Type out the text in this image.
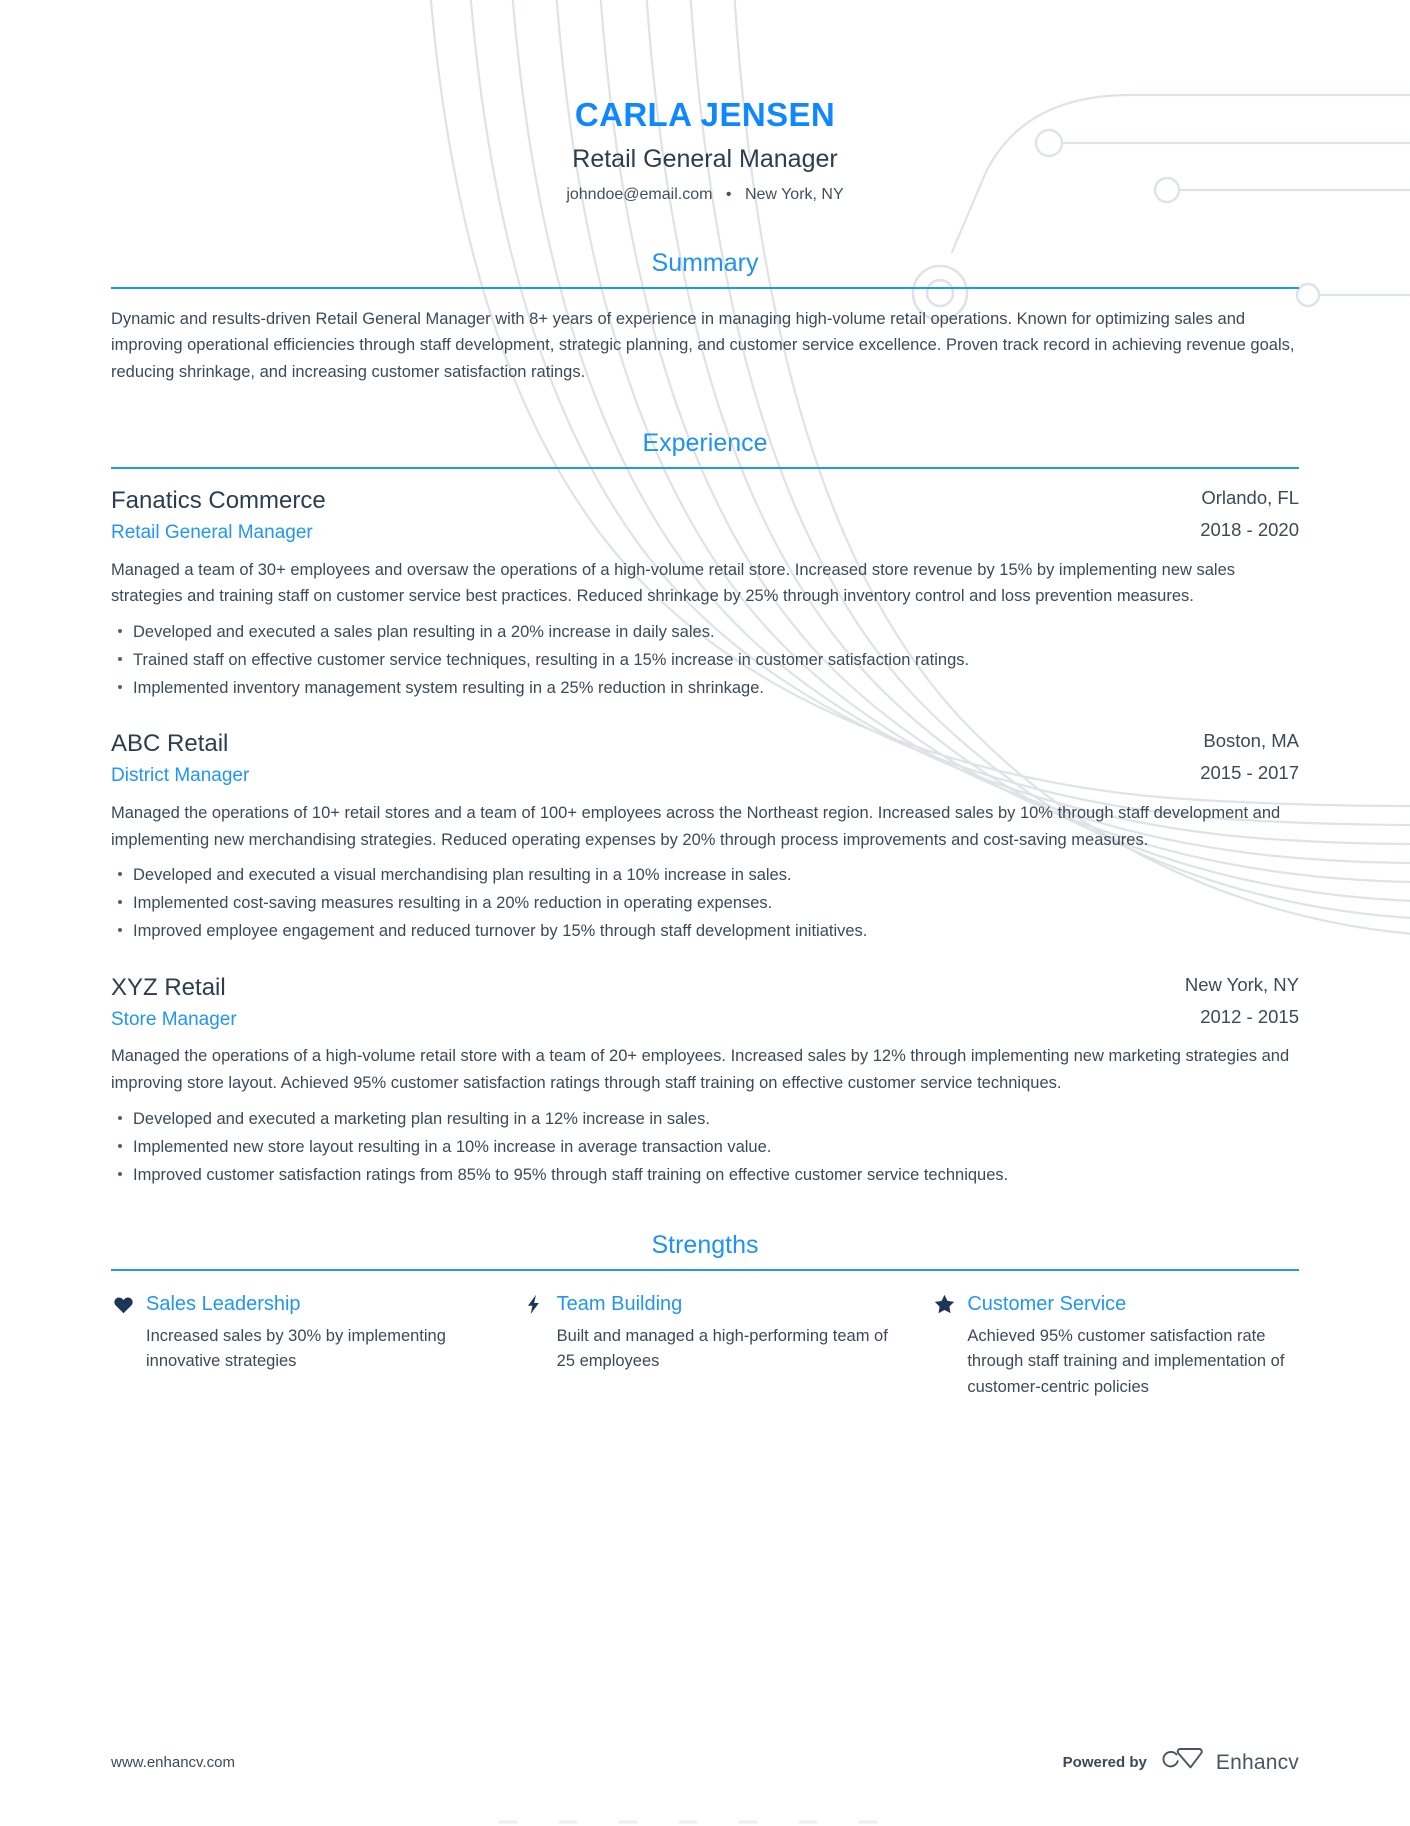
CARLA JENSEN
Retail General Manager
johndoe@email.com • New York, NY
Summary

Dynamic and results-driven Retail General Manager with 8+ years of experience in managing high-volume retail operations. Known for optimizing sales and improving operational efficiencies through staff development, strategic planning, and customer service excellence. Proven track record in achieving revenue goals, reducing shrinkage, and increasing customer satisfaction ratings.

Experience
Fanatics Commerce
Retail General Manager
Orlando, FL
2018 - 2020
Managed a team of 30+ employees and oversaw the operations of a high-volume retail store. Increased store revenue by 15% by implementing new sales strategies and training staff on customer service best practices. Reduced shrinkage by 25% through inventory control and loss prevention measures.
Developed and executed a sales plan resulting in a 20% increase in daily sales.
Trained staff on effective customer service techniques, resulting in a 15% increase in customer satisfaction ratings.
Implemented inventory management system resulting in a 25% reduction in shrinkage.
ABC Retail
District Manager
Boston, MA
2015 - 2017
Managed the operations of 10+ retail stores and a team of 100+ employees across the Northeast region. Increased sales by 10% through staff development and implementing new merchandising strategies. Reduced operating expenses by 20% through process improvements and cost-saving measures.
Developed and executed a visual merchandising plan resulting in a 10% increase in sales.
Implemented cost-saving measures resulting in a 20% reduction in operating expenses.
Improved employee engagement and reduced turnover by 15% through staff development initiatives.
XYZ Retail
Store Manager
New York, NY
2012 - 2015
Managed the operations of a high-volume retail store with a team of 20+ employees. Increased sales by 12% through implementing new marketing strategies and improving store layout. Achieved 95% customer satisfaction ratings through staff training on effective customer service techniques.
Developed and executed a marketing plan resulting in a 12% increase in sales.
Implemented new store layout resulting in a 10% increase in average transaction value.
Improved customer satisfaction ratings from 85% to 95% through staff training on effective customer service techniques.
Strengths
Sales Leadership
Increased sales by 30% by implementing innovative strategies
Team Building
Built and managed a high-performing team of 25 employees
Customer Service
Achieved 95% customer satisfaction rate through staff training and implementation of customer-centric policies
www.enhancv.com	Powered by	Enhancv
